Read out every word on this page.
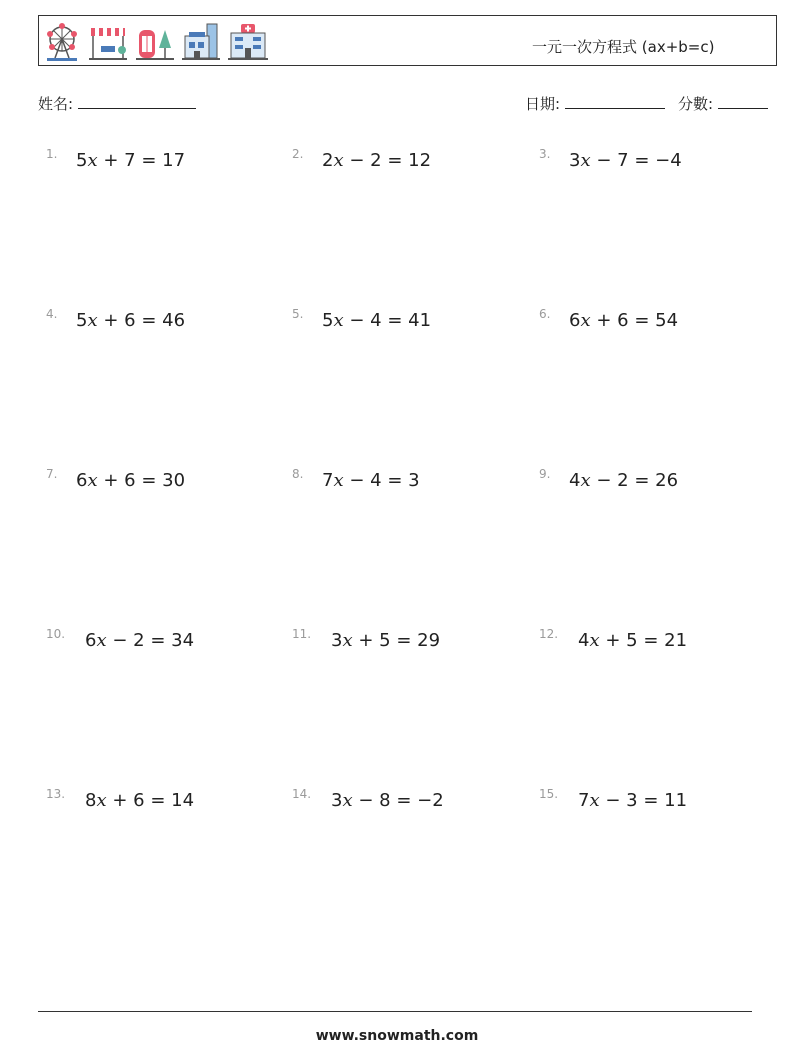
一元一次方程式 (ax+b=c)
姓名:	日期:	分數:
1. 5x + 7 = 17	2. 2x − 2 = 12	3. 3x − 7 = −4
4. 5x + 6 = 46	5. 5x − 4 = 41	6. 6x + 6 = 54
7. 6x + 6 = 30	8. 7x − 4 = 3	9. 4x − 2 = 26
10. 6x − 2 = 34	11. 3x + 5 = 29	12. 4x + 5 = 21
13. 8x + 6 = 14	14. 3x − 8 = −2	15. 7x − 3 = 11
www.snowmath.com
